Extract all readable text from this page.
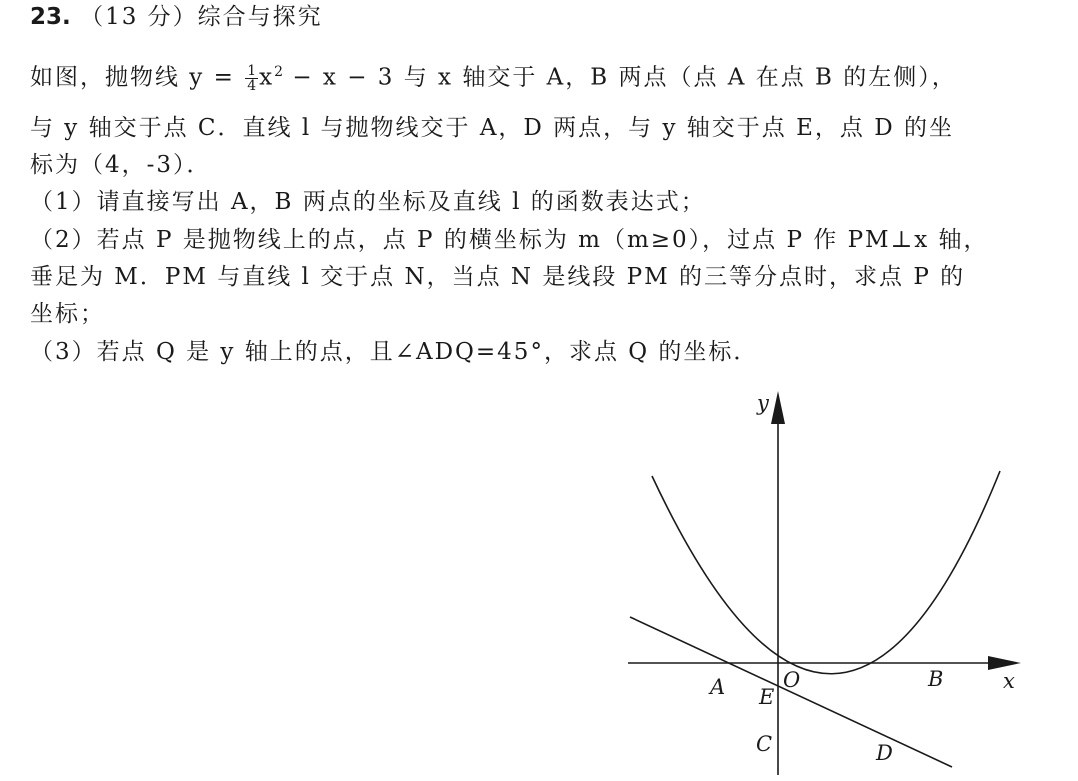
23. （13 分）综合与探究
如图，抛物线 $y = \frac{1}{4} x^2 - x - 3$ 与 x 轴交于 A，B 两点（点 A 在点 B 的左侧），
与 y 轴交于点 C．直线 l 与抛物线交于 A，D 两点，与 y 轴交于点 E，点 D 的坐
标为（4，-3）．
（1）请直接写出 A，B 两点的坐标及直线 l 的函数表达式；
（2）若点 P 是抛物线上的点，点 P 的横坐标为 m（m≥0），过点 P 作 PM⊥x 轴，
垂足为 M．PM 与直线 l 交于点 N，当点 N 是线段 PM 的三等分点时，求点 P 的
坐标；
（3）若点 Q 是 y 轴上的点，且∠ADQ=45°，求点 Q 的坐标．
y
x
O
A	B
E
C	D
